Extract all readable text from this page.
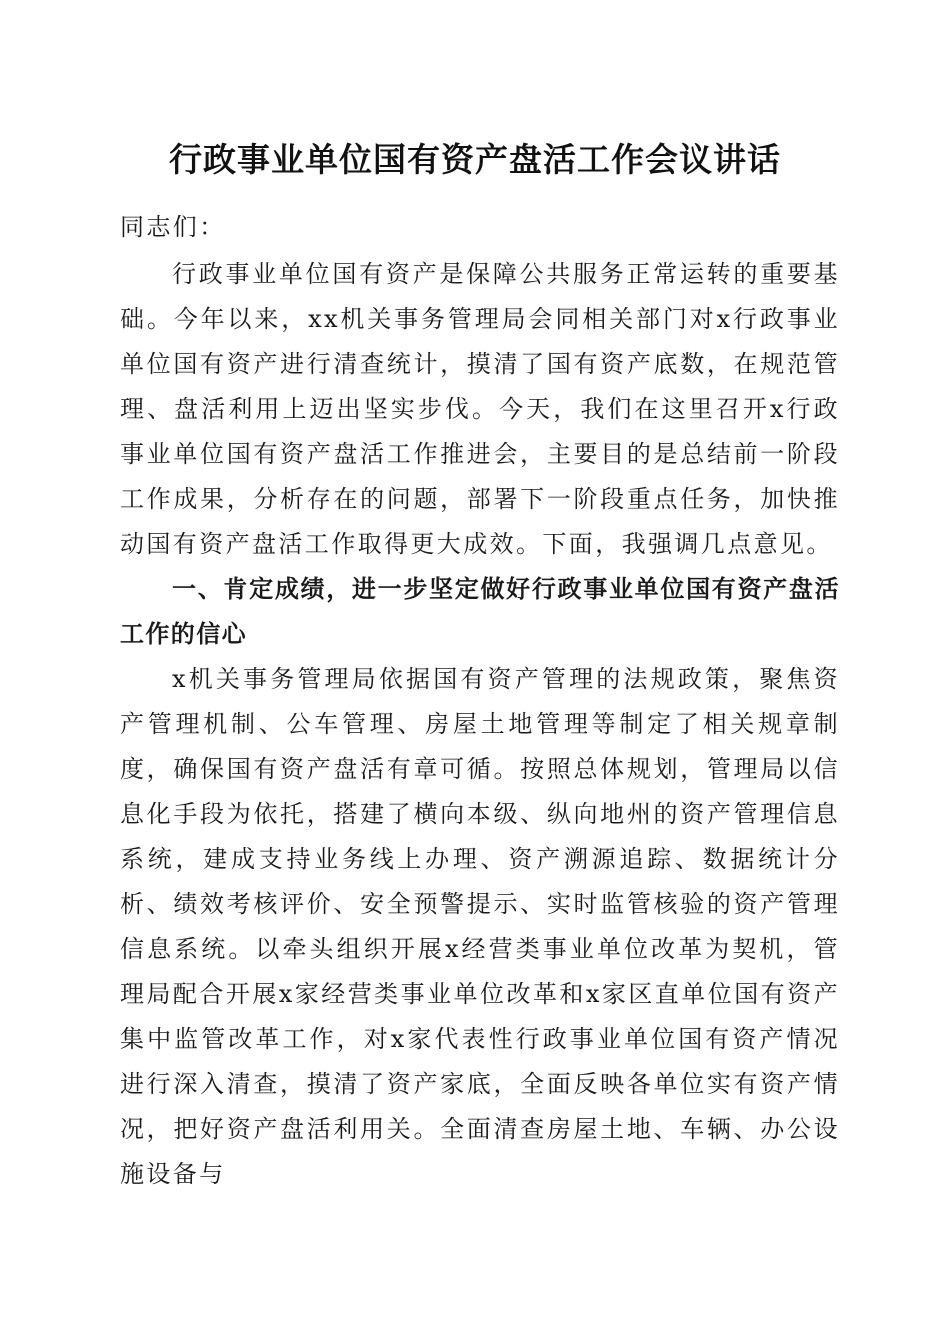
行政事业单位国有资产盘活工作会议讲话

同志们：

行政事业单位国有资产是保障公共服务正常运转的重要基础。今年以来，xx机关事务管理局会同相关部门对x行政事业单位国有资产进行清查统计，摸清了国有资产底数，在规范管理、盘活利用上迈出坚实步伐。今天，我们在这里召开x行政事业单位国有资产盘活工作推进会，主要目的是总结前一阶段工作成果，分析存在的问题，部署下一阶段重点任务，加快推动国有资产盘活工作取得更大成效。下面，我强调几点意见。

一、肯定成绩，进一步坚定做好行政事业单位国有资产盘活工作的信心

x机关事务管理局依据国有资产管理的法规政策，聚焦资产管理机制、公车管理、房屋土地管理等制定了相关规章制度，确保国有资产盘活有章可循。按照总体规划，管理局以信息化手段为依托，搭建了横向本级、纵向地州的资产管理信息系统，建成支持业务线上办理、资产溯源追踪、数据统计分析、绩效考核评价、安全预警提示、实时监管核验的资产管理信息系统。以牵头组织开展x经营类事业单位改革为契机，管理局配合开展x家经营类事业单位改革和x家区直单位国有资产集中监管改革工作，对x家代表性行政事业单位国有资产情况进行深入清查，摸清了资产家底，全面反映各单位实有资产情况，把好资产盘活利用关。全面清查房屋土地、车辆、办公设施设备与
